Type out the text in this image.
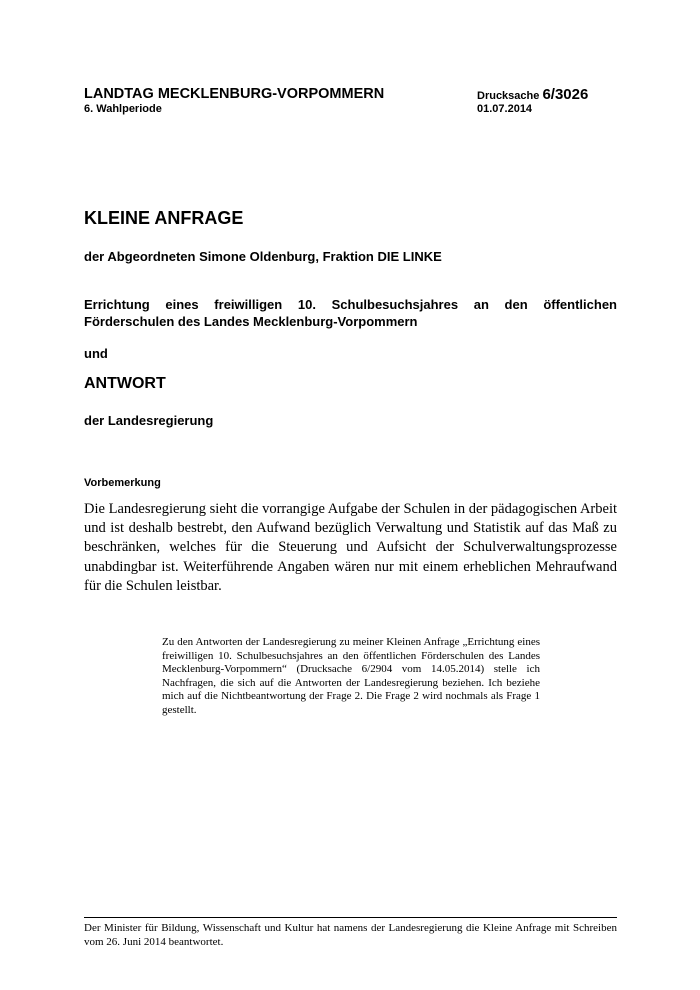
LANDTAG MECKLENBURG-VORPOMMERN
6. Wahlperiode
Drucksache 6/3026
01.07.2014
KLEINE ANFRAGE
der Abgeordneten Simone Oldenburg, Fraktion DIE LINKE
Errichtung eines freiwilligen 10. Schulbesuchsjahres an den öffentlichen
Förderschulen des Landes Mecklenburg-Vorpommern
und
ANTWORT
der Landesregierung
Vorbemerkung
Die Landesregierung sieht die vorrangige Aufgabe der Schulen in der pädagogischen Arbeit und ist deshalb bestrebt, den Aufwand bezüglich Verwaltung und Statistik auf das Maß zu beschränken, welches für die Steuerung und Aufsicht der Schulverwaltungsprozesse unabdingbar ist. Weiterführende Angaben wären nur mit einem erheblichen Mehraufwand für die Schulen leistbar.
Zu den Antworten der Landesregierung zu meiner Kleinen Anfrage „Errichtung eines freiwilligen 10. Schulbesuchsjahres an den öffentlichen Förderschulen des Landes Mecklenburg-Vorpommern“ (Drucksache 6/2904 vom 14.05.2014) stelle ich Nachfragen, die sich auf die Antworten der Landesregierung beziehen. Ich beziehe mich auf die Nichtbeantwortung der Frage 2. Die Frage 2 wird nochmals als Frage 1 gestellt.
Der Minister für Bildung, Wissenschaft und Kultur hat namens der Landesregierung die Kleine Anfrage mit Schreiben vom 26. Juni 2014 beantwortet.
